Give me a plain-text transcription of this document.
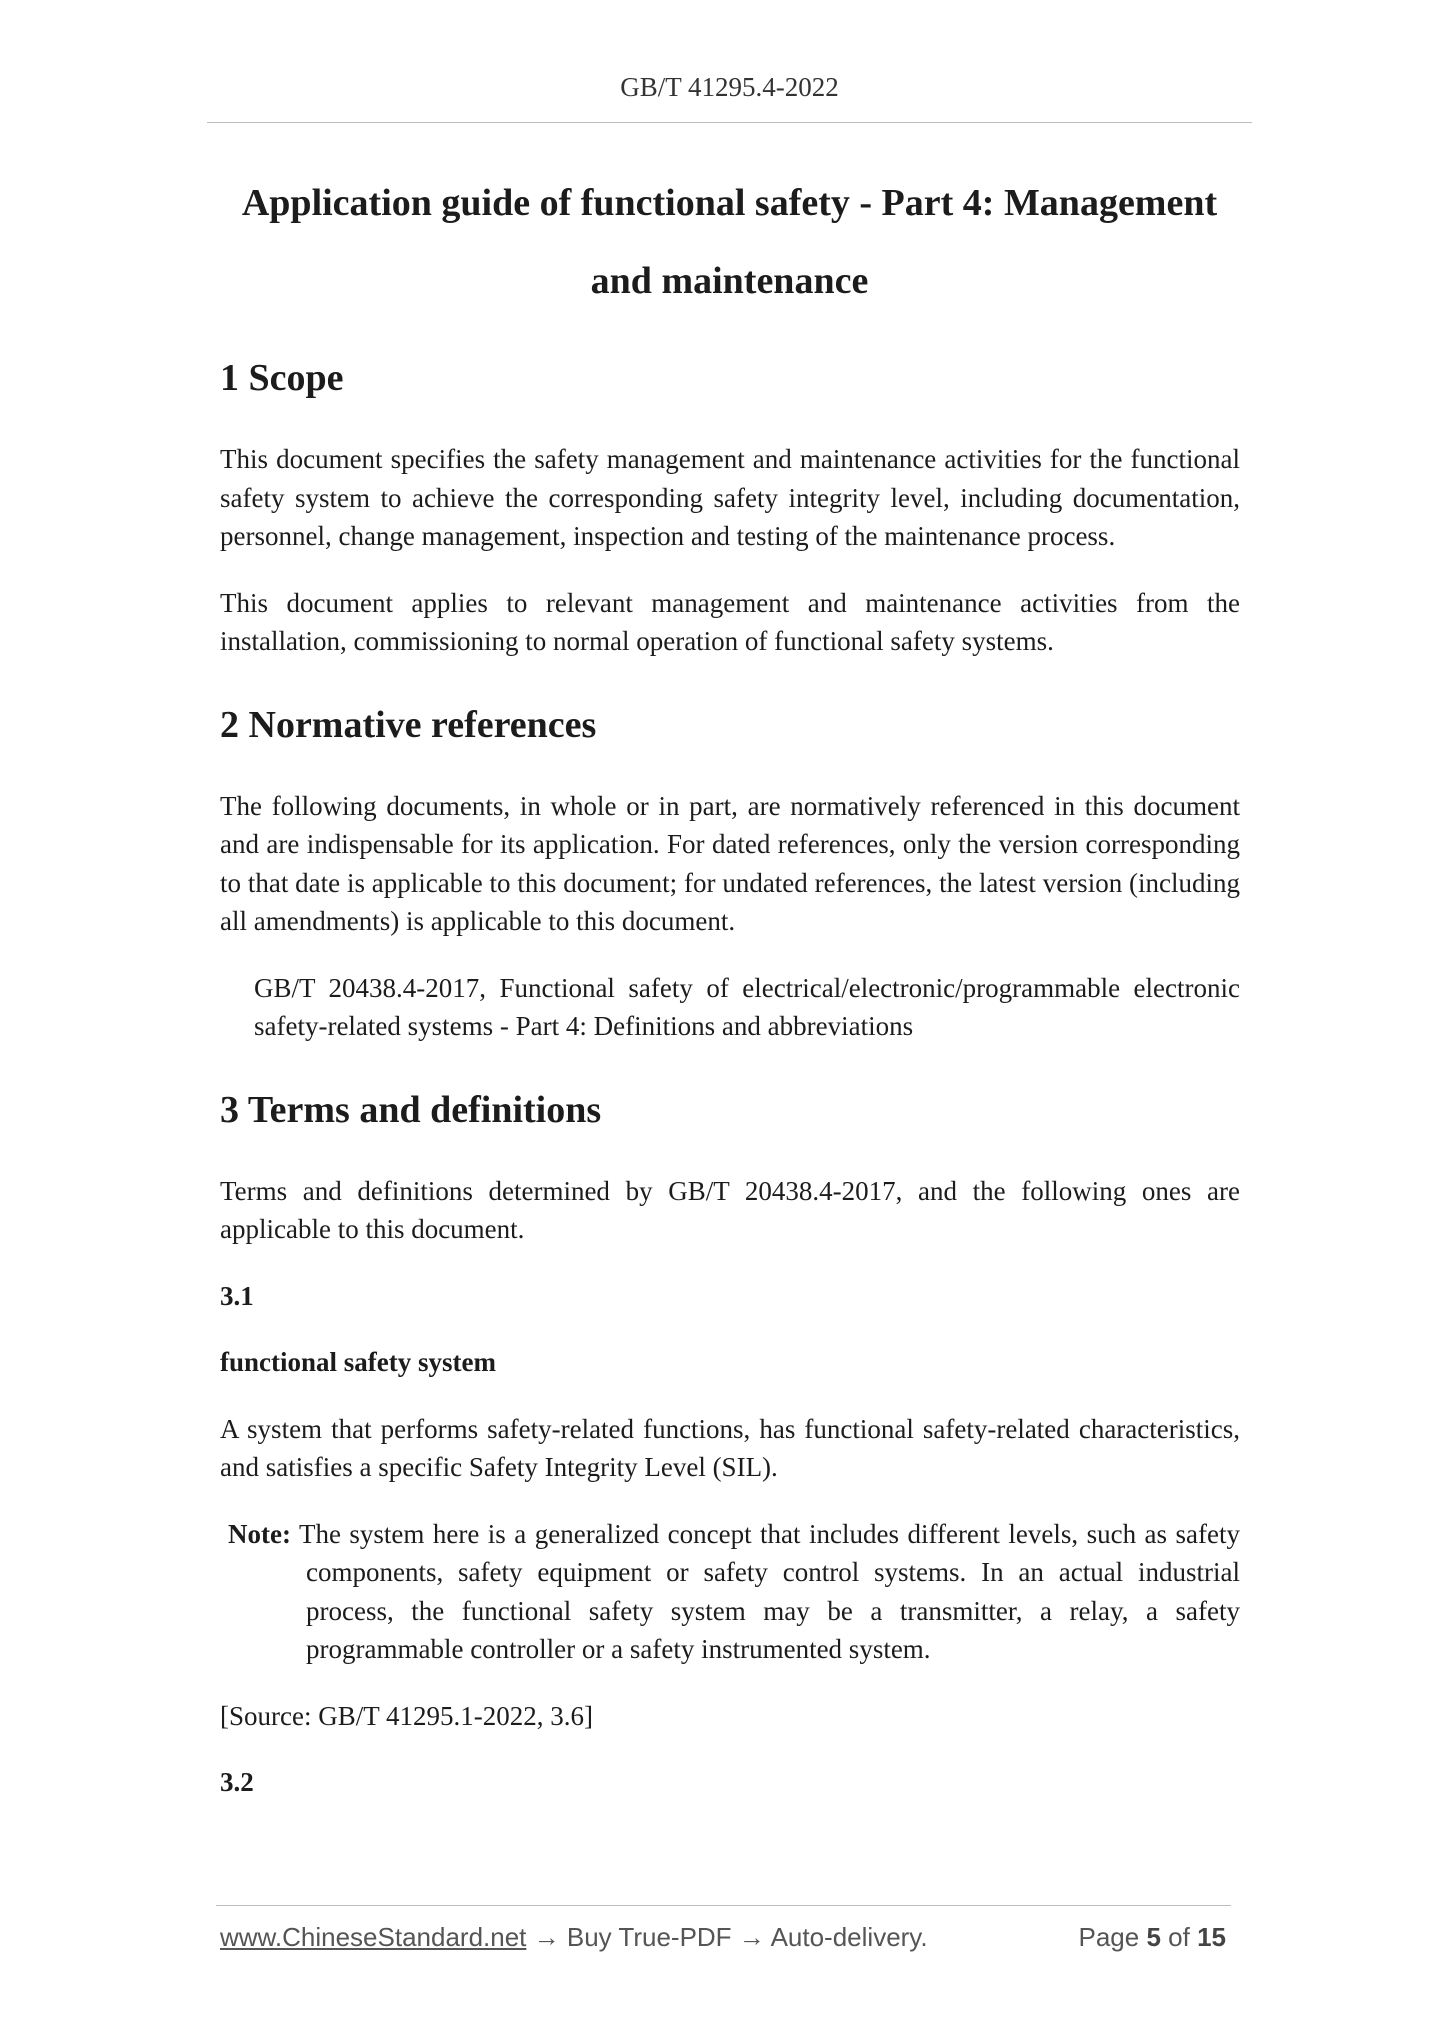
GB/T 41295.4-2022
Application guide of functional safety - Part 4: Management
and maintenance
1 Scope

This document specifies the safety management and maintenance activities for the functional safety system to achieve the corresponding safety integrity level, including documentation, personnel, change management, inspection and testing of the maintenance process.

This document applies to relevant management and maintenance activities from the installation, commissioning to normal operation of functional safety systems.

2 Normative references

The following documents, in whole or in part, are normatively referenced in this document and are indispensable for its application. For dated references, only the version corresponding to that date is applicable to this document; for undated references, the latest version (including all amendments) is applicable to this document.

GB/T 20438.4-2017, Functional safety of electrical/electronic/programmable electronic safety-related systems - Part 4: Definitions and abbreviations
3 Terms and definitions

Terms and definitions determined by GB/T 20438.4-2017, and the following ones are applicable to this document.

3.1
functional safety system

A system that performs safety-related functions, has functional safety-related characteristics, and satisfies a specific Safety Integrity Level (SIL).

Note: The system here is a generalized concept that includes different levels, such as safety components, safety equipment or safety control systems. In an actual industrial process, the functional safety system may be a transmitter, a relay, a safety programmable controller or a safety instrumented system.

[Source: GB/T 41295.1-2022, 3.6]

3.2
www.ChineseStandard.net → Buy True-PDF → Auto-delivery.	Page 5 of 15
